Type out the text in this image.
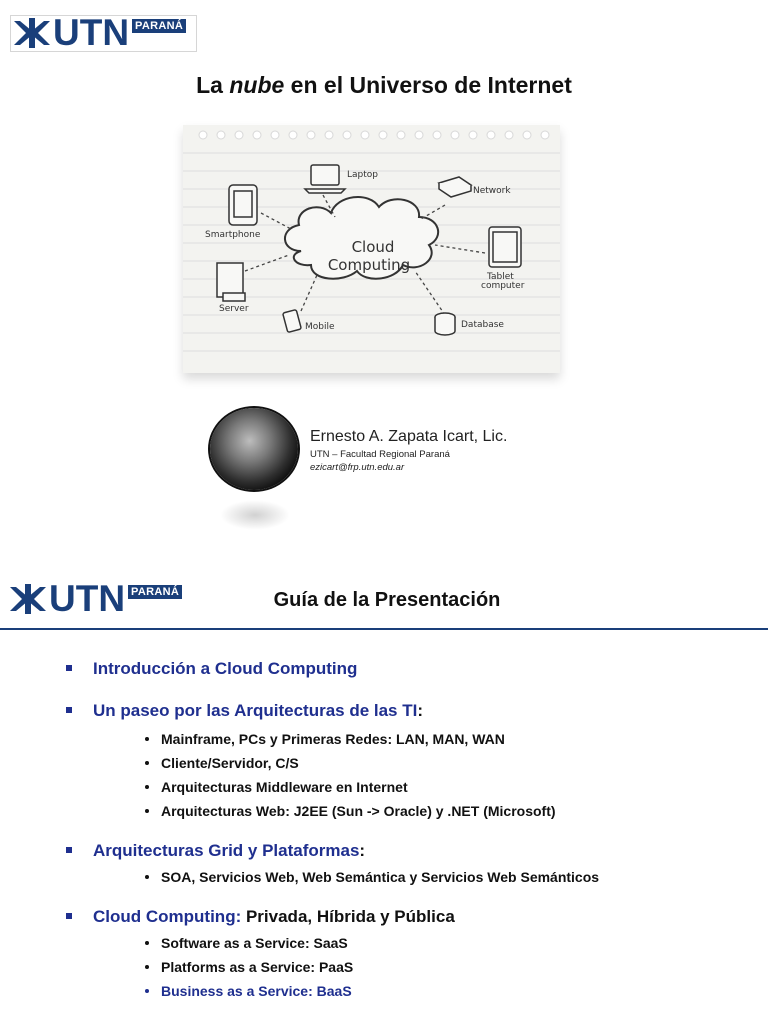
UTN PARANÁ
La nube en el Universo de Internet
Cloud
Computing
Laptop
Network
Smartphone
Tablet
computer
Server
Mobile	Database
Ernesto A. Zapata Icart, Lic.
UTN – Facultad Regional Paraná
ezicart@frp.utn.edu.ar
UTN PARANÁ	Guía de la Presentación
Introducción a Cloud Computing
Un paseo por las Arquitecturas de las TI:
Mainframe, PCs y Primeras Redes: LAN, MAN, WAN
Cliente/Servidor, C/S
Arquitecturas Middleware en Internet
Arquitecturas Web: J2EE (Sun -> Oracle) y .NET (Microsoft)
Arquitecturas Grid y Plataformas:
SOA, Servicios Web, Web Semántica y Servicios Web Semánticos
Cloud Computing: Privada, Híbrida y Pública
Software as a Service: SaaS
Platforms as a Service: PaaS
Business as a Service: BaaS
